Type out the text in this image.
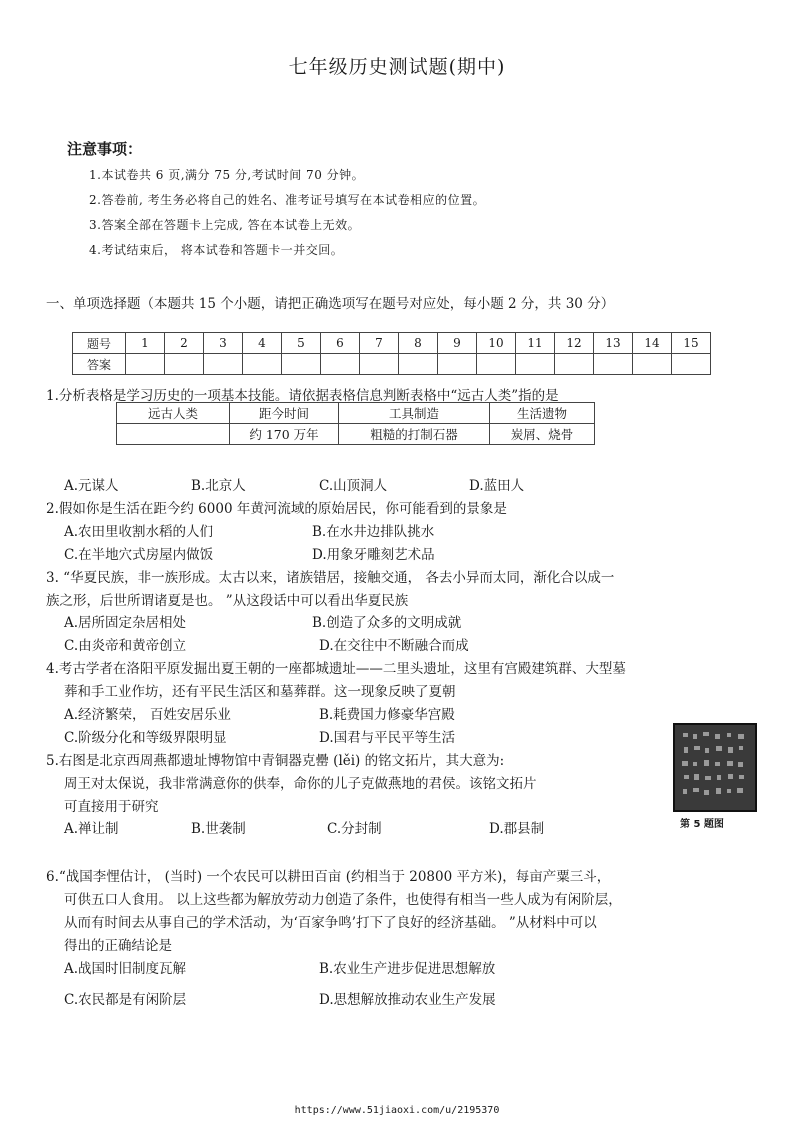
七年级历史测试题(期中)
注意事项：
1.本试卷共 6 页,满分 75 分,考试时间 70 分钟。
2.答卷前, 考生务必将自己的姓名、准考证号填写在本试卷相应的位置。
3.答案全部在答题卡上完成, 答在本试卷上无效。
4.考试结束后， 将本试卷和答题卡一并交回。
一、单项选择题（本题共 15 个小题，请把正确选项写在题号对应处，每小题 2 分，共 30 分）
题号	1	2	3	4	5	6	7	8	9	10	11	12	13	14	15
答案															
1.分析表格是学习历史的一项基本技能。请依据表格信息判断表格中“远古人类”指的是
远古人类	距今时间	工具制造	生活遗物
	约 170 万年	粗糙的打制石器	炭屑、烧骨
A.元谋人	B.北京人	C.山顶洞人	D.蓝田人
2.假如你是生活在距今约 6000 年黄河流域的原始居民，你可能看到的景象是
A.农田里收割水稻的人们	B.在水井边排队挑水
C.在半地穴式房屋内做饭	D.用象牙雕刻艺术品
3. “华夏民族，非一族形成。太古以来，诸族错居，接触交通， 各去小异而太同，渐化合以成一
族之形，后世所谓诸夏是也。 ”从这段话中可以看出华夏民族
A.居所固定杂居相处	B.创造了众多的文明成就
C.由炎帝和黄帝创立	D.在交往中不断融合而成
4.考古学者在洛阳平原发掘出夏王朝的一座都城遗址——二里头遗址，这里有宫殿建筑群、大型墓
葬和手工业作坊，还有平民生活区和墓葬群。这一现象反映了夏朝
A.经济繁荣， 百姓安居乐业	B.耗费国力修豪华宫殿
C.阶级分化和等级界限明显	D.国君与平民平等生活
5.右图是北京西周燕都遗址博物馆中青铜器克罍 (lěi) 的铭文拓片，其大意为:
周王对太保说，我非常满意你的供奉，命你的儿子克做燕地的君侯。该铭文拓片
可直接用于研究
A.禅让制	B.世袭制	C.分封制	D.郡县制	第 5 题图
6.“战国李悝估计， (当时) 一个农民可以耕田百亩 (约相当于 20800 平方米)，每亩产粟三斗，
可供五口人食用。 以上这些都为解放劳动力创造了条件，也使得有相当一些人成为有闲阶层，
从而有时间去从事自己的学术活动，为‘百家争鸣’打下了良好的经济基础。 ”从材料中可以
得出的正确结论是
A.战国时旧制度瓦解	B.农业生产进步促进思想解放
C.农民都是有闲阶层	D.思想解放推动农业生产发展
https://www.51jiaoxi.com/u/2195370
